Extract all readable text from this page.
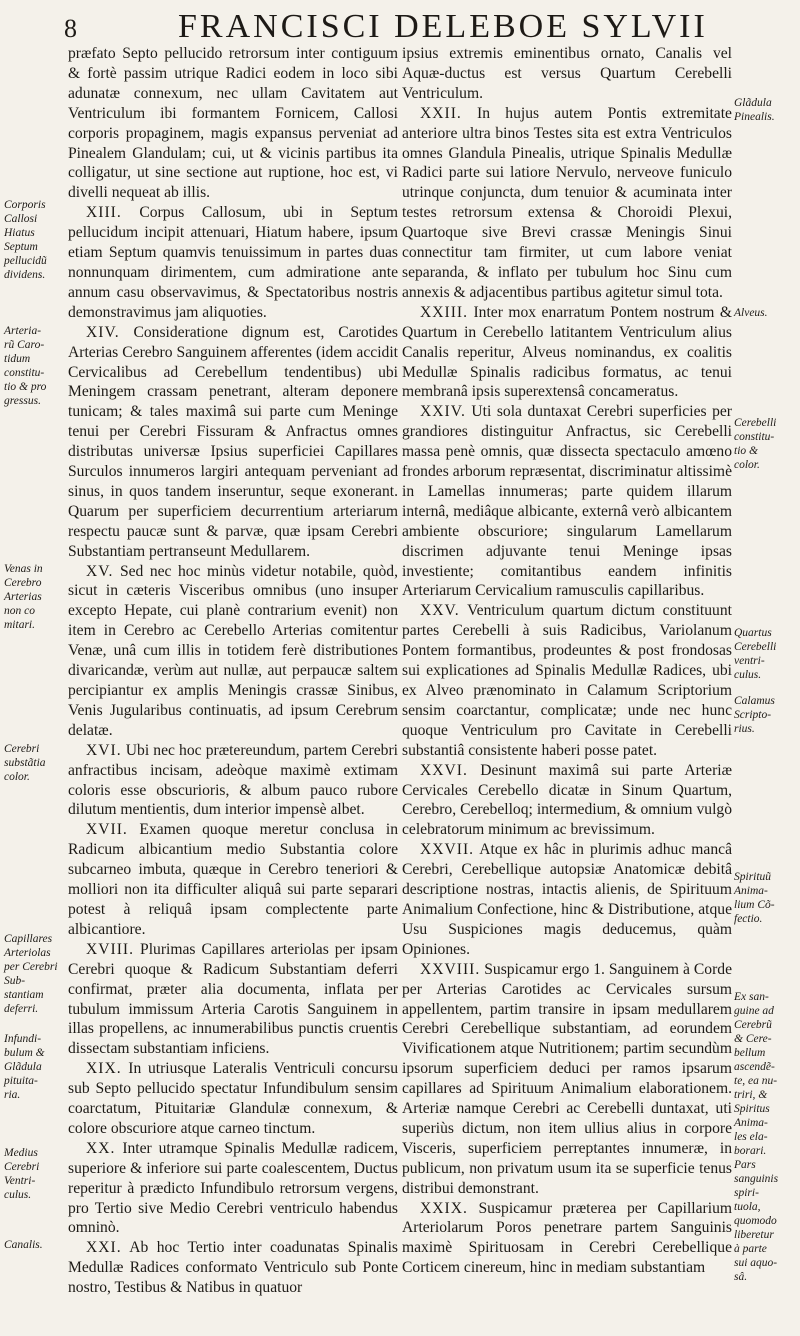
8	FRANCISCI DELEBOE SYLVII
Corporis
Callosi
Hiatus
Septum
pellucidũ
dividens.
Arteria-
rũ Caro-
tidum
constitu-
tio & pro
gressus.
Venas in
Cerebro
Arterias
non co
mitari.
Cerebri
substãtia
color.
Capillares
Arteriolas
per Cerebri Sub-
stantiam
deferri.
Infundi-
bulum &
Glãdula
pituita-
ria.
Medius
Cerebri
Ventri-
culus.
Canalis.

præfato Septo pellucido retrorsum inter contiguum & fortè passim utrique Radici eodem in loco sibi adunatæ connexum, nec ullam Cavitatem aut Ventriculum ibi formantem Fornicem, Callosi corporis propaginem, magis expansus perveniat ad Pinealem Glandulam; cui, ut & vicinis partibus ita colligatur, ut sine sectione aut ruptione, hoc est, vi divelli nequeat ab illis.

XIII. Corpus Callosum, ubi in Septum pellucidum incipit attenuari, Hiatum habere, ipsum etiam Septum quamvis tenuissimum in partes duas nonnunquam dirimentem, cum admiratione ante annum casu observavimus, & Spectatoribus nostris demonstravimus jam aliquoties.

XIV. Consideratione dignum est, Carotides Arterias Cerebro Sanguinem afferentes (idem accidit Cervicalibus ad Cerebellum tendentibus) ubi Meningem crassam penetrant, alteram deponere tunicam; & tales maximâ sui parte cum Meninge tenui per Cerebri Fissuram & Anfractus omnes distributas universæ Ipsius superficiei Capillares Surculos innumeros largiri antequam perveniant ad sinus, in quos tandem inseruntur, seque exonerant. Quarum per superficiem decurrentium arteriarum respectu paucæ sunt & parvæ, quæ ipsam Cerebri Substantiam pertranseunt Medullarem.

XV. Sed nec hoc minùs videtur notabile, quòd, sicut in cæteris Visceribus omnibus (uno insuper excepto Hepate, cui planè contrarium evenit) non item in Cerebro ac Cerebello Arterias comitentur Venæ, unâ cum illis in totidem ferè distributiones divaricandæ, verùm aut nullæ, aut perpaucæ saltem percipiantur ex amplis Meningis crassæ Sinibus, Venis Jugularibus continuatis, ad ipsum Cerebrum delatæ.

XVI. Ubi nec hoc prætereundum, partem Cerebri anfractibus incisam, adeòque maximè extimam coloris esse obscurioris, & album pauco rubore dilutum mentientis, dum interior impensè albet.

XVII. Examen quoque meretur conclusa in Radicum albicantium medio Substantia colore subcarneo imbuta, quæque in Cerebro teneriori & molliori non ita difficulter aliquâ sui parte separari potest à reliquâ ipsam complectente parte albicantiore.

XVIII. Plurimas Capillares arteriolas per ipsam Cerebri quoque & Radicum Substantiam deferri confirmat, præter alia documenta, inflata per tubulum immissum Arteria Carotis Sanguinem in illas propellens, ac innumerabilibus punctis cruentis dissectam substantiam inficiens.

XIX. In utriusque Lateralis Ventriculi concursu sub Septo pellucido spectatur Infundibulum sensim coarctatum, Pituitariæ Glandulæ connexum, & colore obscuriore atque carneo tinctum.

XX. Inter utramque Spinalis Medullæ radicem, superiore & inferiore sui parte coalescentem, Ductus reperitur à prædicto Infundibulo retrorsum vergens, pro Tertio sive Medio Cerebri ventriculo habendus omninò.

XXI. Ab hoc Tertio inter coadunatas Spinalis Medullæ Radices conformato Ventriculo sub Ponte nostro, Testibus & Natibus in quatuor

ipsius extremis eminentibus ornato, Canalis vel Aquæ-ductus est versus Quartum Cerebelli Ventriculum.

XXII. In hujus autem Pontis extremitate anteriore ultra binos Testes sita est extra Ventriculos omnes Glandula Pinealis, utrique Spinalis Medullæ Radici parte sui latiore Nervulo, nerveove funiculo utrinque conjuncta, dum tenuior & acuminata inter testes retrorsum extensa & Choroidi Plexui, Quartoque sive Brevi crassæ Meningis Sinui connectitur tam firmiter, ut cum labore veniat separanda, & inflato per tubulum hoc Sinu cum annexis & adjacentibus partibus agitetur simul tota.

XXIII. Inter mox enarratum Pontem nostrum & Quartum in Cerebello latitantem Ventriculum alius Canalis reperitur, Alveus nominandus, ex coalitis Medullæ Spinalis radicibus formatus, ac tenui membranâ ipsis superextensâ concameratus.

XXIV. Uti sola duntaxat Cerebri superficies per grandiores distinguitur Anfractus, sic Cerebelli massa penè omnis, quæ dissecta spectaculo amœno frondes arborum repræsentat, discriminatur altissimè in Lamellas innumeras; parte quidem illarum internâ, mediâque albicante, externâ verò albicantem ambiente obscuriore; singularum Lamellarum discrimen adjuvante tenui Meninge ipsas investiente; comitantibus eandem infinitis Arteriarum Cervicalium ramusculis capillaribus.

XXV. Ventriculum quartum dictum constituunt partes Cerebelli à suis Radicibus, Variolanum Pontem formantibus, prodeuntes & post frondosas sui explicationes ad Spinalis Medullæ Radices, ubi ex Alveo prænominato in Calamum Scriptorium sensim coarctantur, complicatæ; unde nec hunc quoque Ventriculum pro Cavitate in Cerebelli substantiâ consistente haberi posse patet.

XXVI. Desinunt maximâ sui parte Arteriæ Cervicales Cerebello dicatæ in Sinum Quartum, Cerebro, Cerebelloq; intermedium, & omnium vulgò celebratorum minimum ac brevissimum.

XXVII. Atque ex hâc in plurimis adhuc mancâ Cerebri, Cerebellique autopsiæ Anatomicæ debitâ descriptione nostras, intactis alienis, de Spirituum Animalium Confectione, hinc & Distributione, atque Usu Suspiciones magis deducemus, quàm Opiniones.

XXVIII. Suspicamur ergo 1. Sanguinem à Corde per Arterias Carotides ac Cervicales sursum appellentem, partim transire in ipsam medullarem Cerebri Cerebellique substantiam, ad eorundem Vivificationem atque Nutritionem; partim secundùm ipsorum superficiem deduci per ramos ipsarum capillares ad Spirituum Animalium elaborationem. Arteriæ namque Cerebri ac Cerebelli duntaxat, uti superiùs dictum, non item ullius alius in corpore Visceris, superficiem perreptantes innumeræ, in publicum, non privatum usum ita se superficie tenus distribui demonstrant.

XXIX. Suspicamur præterea per Capillarium Arteriolarum Poros penetrare partem Sanguinis maximè Spirituosam in Cerebri Cerebellique Corticem cinereum, hinc in mediam substantiam

Glãdula
Pinealis.
Alveus.
Cerebelli
constitu-
tio &
color.
Quartus
Cerebelli
ventri-
culus.
Calamus
Scripto-
rius.
Spirituũ
Anima-
lium Cõ-
fectio.
Ex san-
guine ad
Cerebrũ
& Cere-
bellum
ascendẽ-
te, ea nu-
triri, &
Spiritus
Anima-
les ela-
borari.
Pars
sanguinis
spiri-
tuola,
quomodo
liberetur
à parte
sui aquo-
sâ.
